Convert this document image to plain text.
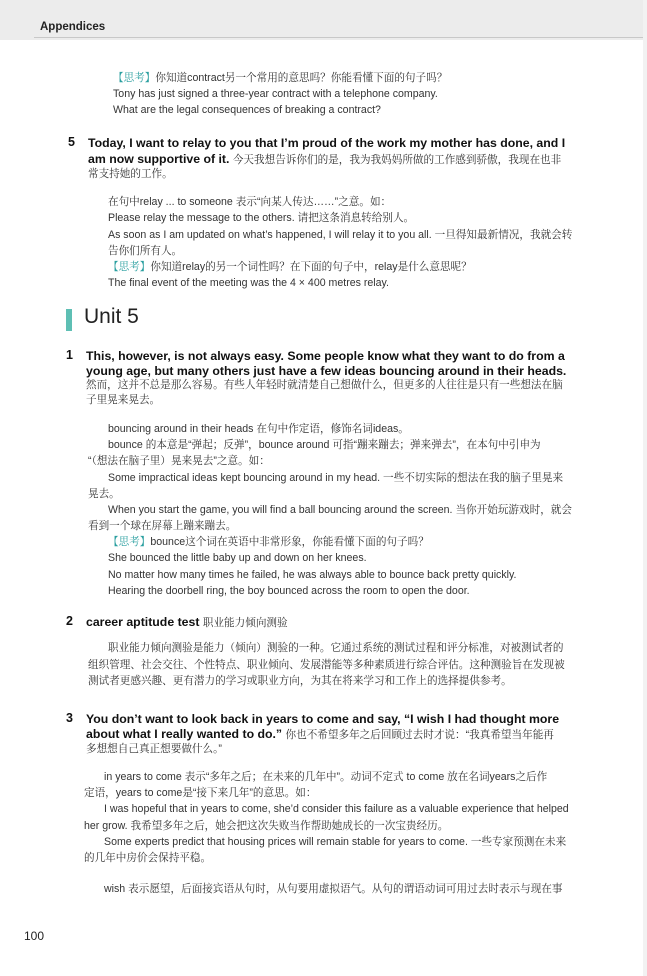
Appendices
【思考】你知道contract另一个常用的意思吗？你能看懂下面的句子吗？
Tony has just signed a three-year contract with a telephone company.
What are the legal consequences of breaking a contract?
5 Today, I want to relay to you that I’m proud of the work my mother has done, and I
am now supportive of it. 今天我想告诉你们的是，我为我妈妈所做的工作感到骄傲，我现在也非
常支持她的工作。
在句中relay ... to someone 表示“向某人传达……”之意。如：
Please relay the message to the others. 请把这条消息转给别人。
As soon as I am updated on what’s happened, I will relay it to you all. 一旦得知最新情况，我就会转
告你们所有人。
【思考】你知道relay的另一个词性吗？在下面的句子中，relay是什么意思呢？
The final event of the meeting was the 4 × 400 metres relay.
Unit 5
1 This, however, is not always easy. Some people know what they want to do from a
young age, but many others just have a few ideas bouncing around in their heads.
然而，这并不总是那么容易。有些人年轻时就清楚自己想做什么，但更多的人往往是只有一些想法在脑
子里晃来晃去。
bouncing around in their heads 在句中作定语，修饰名词ideas。
bounce 的本意是“弹起；反弹”，bounce around 可指“蹦来蹦去；弹来弹去”，在本句中引申为
“（想法在脑子里）晃来晃去”之意。如：
Some impractical ideas kept bouncing around in my head. 一些不切实际的想法在我的脑子里晃来
晃去。
When you start the game, you will find a ball bouncing around the screen. 当你开始玩游戏时，就会
看到一个球在屏幕上蹦来蹦去。
【思考】bounce这个词在英语中非常形象，你能看懂下面的句子吗？
She bounced the little baby up and down on her knees.
No matter how many times he failed, he was always able to bounce back pretty quickly.
Hearing the doorbell ring, the boy bounced across the room to open the door.
2 career aptitude test 职业能力倾向测验
职业能力倾向测验是能力（倾向）测验的一种。它通过系统的测试过程和评分标准，对被测试者的
组织管理、社会交往、个性特点、职业倾向、发展潜能等多种素质进行综合评估。这种测验旨在发现被
测试者更感兴趣、更有潜力的学习或职业方向，为其在将来学习和工作上的选择提供参考。
3 You don’t want to look back in years to come and say, “I wish I had thought more
about what I really wanted to do.” 你也不希望多年之后回顾过去时才说：“我真希望当年能再
多想想自己真正想要做什么。”
in years to come 表示“多年之后；在未来的几年中”。动词不定式 to come 放在名词years之后作
定语，years to come是“接下来几年”的意思。如：
I was hopeful that in years to come, she’d consider this failure as a valuable experience that helped
her grow. 我希望多年之后，她会把这次失败当作帮助她成长的一次宝贵经历。
Some experts predict that housing prices will remain stable for years to come. 一些专家预测在未来
的几年中房价会保持平稳。
wish 表示愿望，后面接宾语从句时，从句要用虚拟语气。从句的谓语动词可用过去时表示与现在事
100
